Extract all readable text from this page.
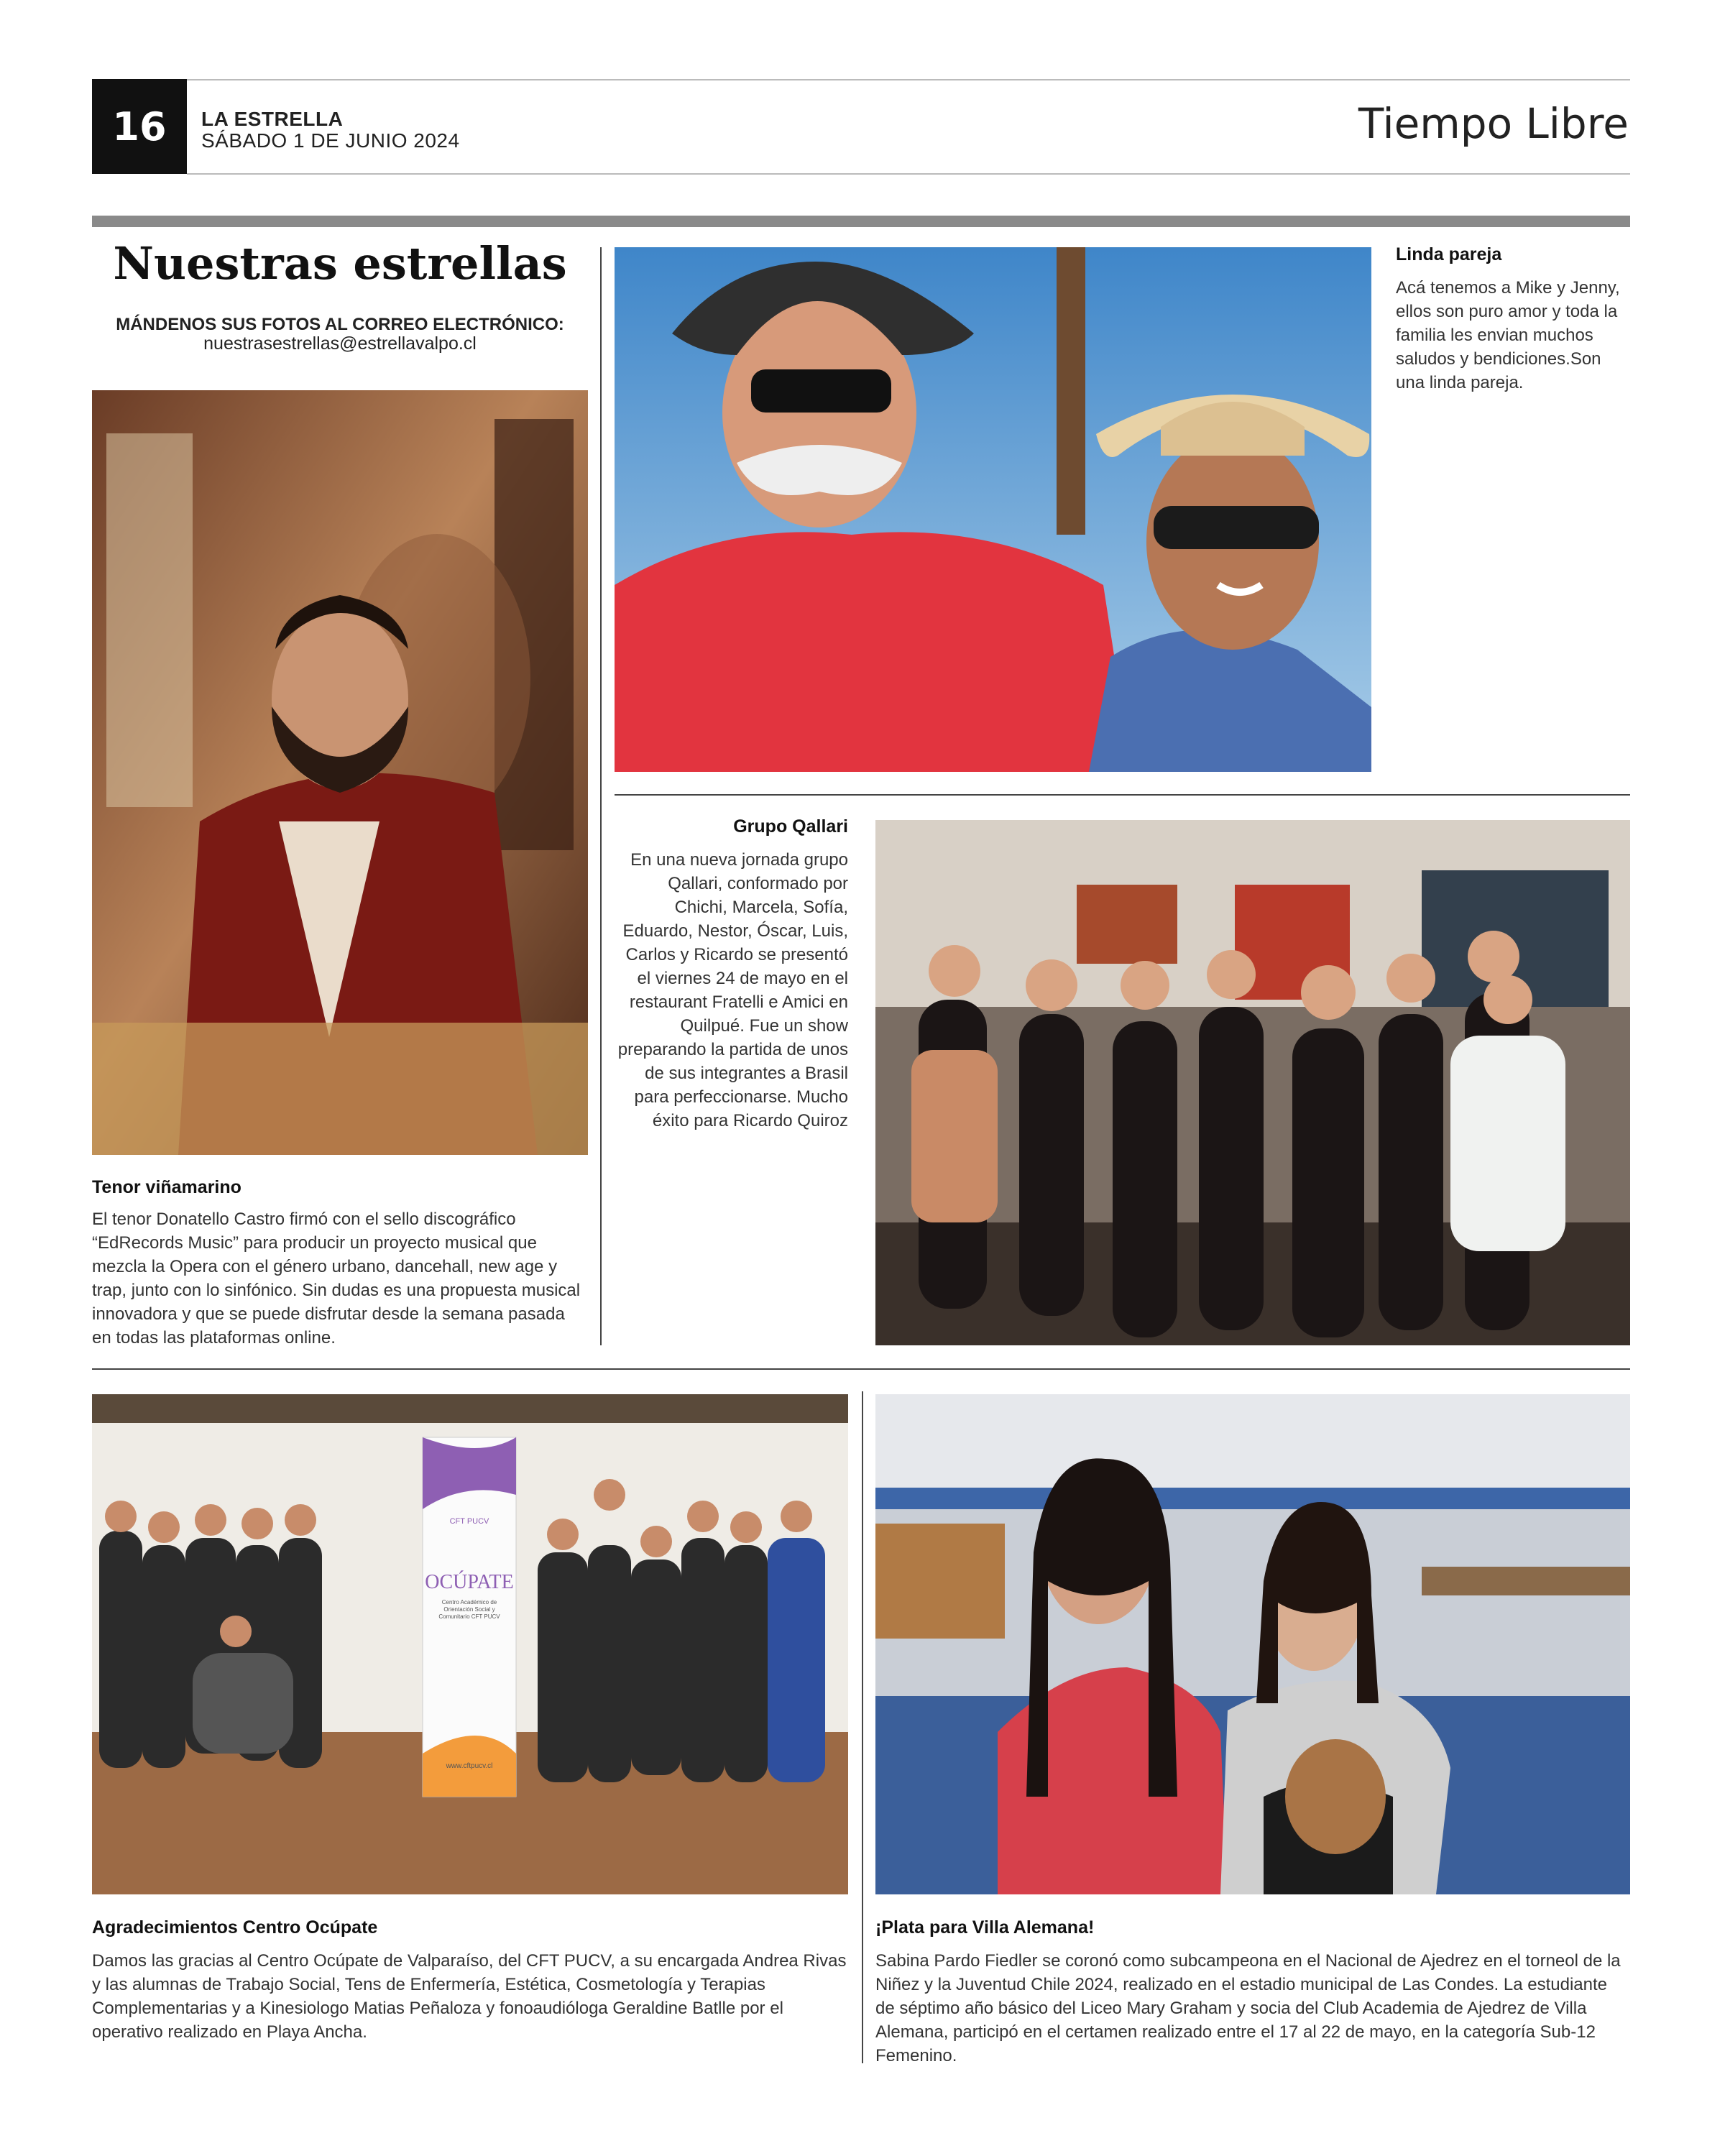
16	LA ESTRELLA
SÁBADO 1 DE JUNIO 2024	Tiempo Libre
Nuestras estrellas
MÁNDENOS SUS FOTOS AL CORREO ELECTRÓNICO:
nuestrasestrellas@estrellavalpo.cl
Tenor viñamarino
El tenor Donatello Castro firmó con el sello discográfico “EdRecords Music” para producir un proyecto musical que mezcla la Opera con el género urbano, dancehall, new age y trap, junto con lo sinfónico. Sin dudas es una propuesta musical innovadora y que se puede disfrutar desde la semana pasada en todas las plataformas online.
Linda pareja
Acá tenemos a Mike y Jenny, ellos son puro amor y toda la familia les envian muchos saludos y bendiciones.Son una linda pareja.
Grupo Qallari
En una nueva jornada grupo Qallari, conformado por Chichi, Marcela, Sofía, Eduardo, Nestor, Óscar, Luis, Carlos y Ricardo se presentó el viernes 24 de mayo en el restaurant Fratelli e Amici en Quilpué. Fue un show preparando la partida de unos de sus integrantes a Brasil para perfeccionarse. Mucho éxito para Ricardo Quiroz
CFT PUCV
OCÚPATE
Centro Académico de Orientación Social y Comunitario CFT PUCV
www.cftpucv.cl
Agradecimientos Centro Ocúpate
Damos las gracias al Centro Ocúpate de Valparaíso, del CFT PUCV, a su encargada Andrea Rivas y las alumnas de Trabajo Social, Tens de Enfermería, Estética, Cosmetología y Terapias Complementarias y a Kinesiologo Matias Peñaloza y fonoaudióloga Geraldine Batlle por el operativo realizado en Playa Ancha.
¡Plata para Villa Alemana!
Sabina Pardo Fiedler se coronó como subcampeona en el Nacional de Ajedrez en el torneol de la Niñez y la Juventud Chile 2024, realizado en el estadio municipal de Las Condes. La estudiante de séptimo año básico del Liceo Mary Graham y socia del Club Academia de Ajedrez de Villa Alemana, participó en el certamen realizado entre el 17 al 22 de mayo, en la categoría Sub-12 Femenino.
